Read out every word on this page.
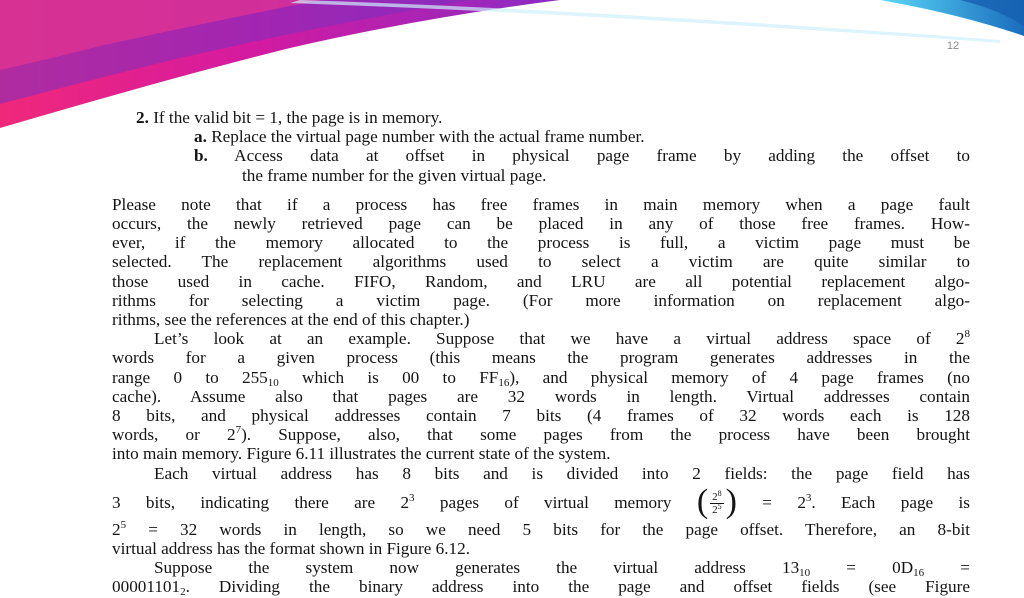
12
2. If the valid bit = 1, the page is in memory.
a. Replace the virtual page number with the actual frame number.
b. Access data at offset in physical page frame by adding the offset to
the frame number for the given virtual page.
Please note that if a process has free frames in main memory when a page fault
occurs, the newly retrieved page can be placed in any of those free frames. How-
ever, if the memory allocated to the process is full, a victim page must be
selected. The replacement algorithms used to select a victim are quite similar to
those used in cache. FIFO, Random, and LRU are all potential replacement algo-
rithms for selecting a victim page. (For more information on replacement algo-
rithms, see the references at the end of this chapter.)
Let’s look at an example. Suppose that we have a virtual address space of $2^8$
words for a given process (this means the program generates addresses in the
range 0 to $255_{10}$ which is 00 to $FF_{16}$), and physical memory of 4 page frames (no
cache). Assume also that pages are 32 words in length. Virtual addresses contain
8 bits, and physical addresses contain 7 bits (4 frames of 32 words each is 128
words, or $2^7$). Suppose, also, that some pages from the process have been brought
into main memory. Figure 6.11 illustrates the current state of the system.
Each virtual address has 8 bits and is divided into 2 fields: the page field has
3 bits, indicating there are $2^3$ pages of virtual memory ( $\frac{2^8}{2^5}$ ) = $2^3$. Each page is
$2^5 = 32$ words in length, so we need 5 bits for the page offset. Therefore, an 8-bit
virtual address has the format shown in Figure 6.12.
Suppose the system now generates the virtual address $13_{10} = 0D_{16}$ =
$00001101_2$. Dividing the binary address into the page and offset fields (see Figure
